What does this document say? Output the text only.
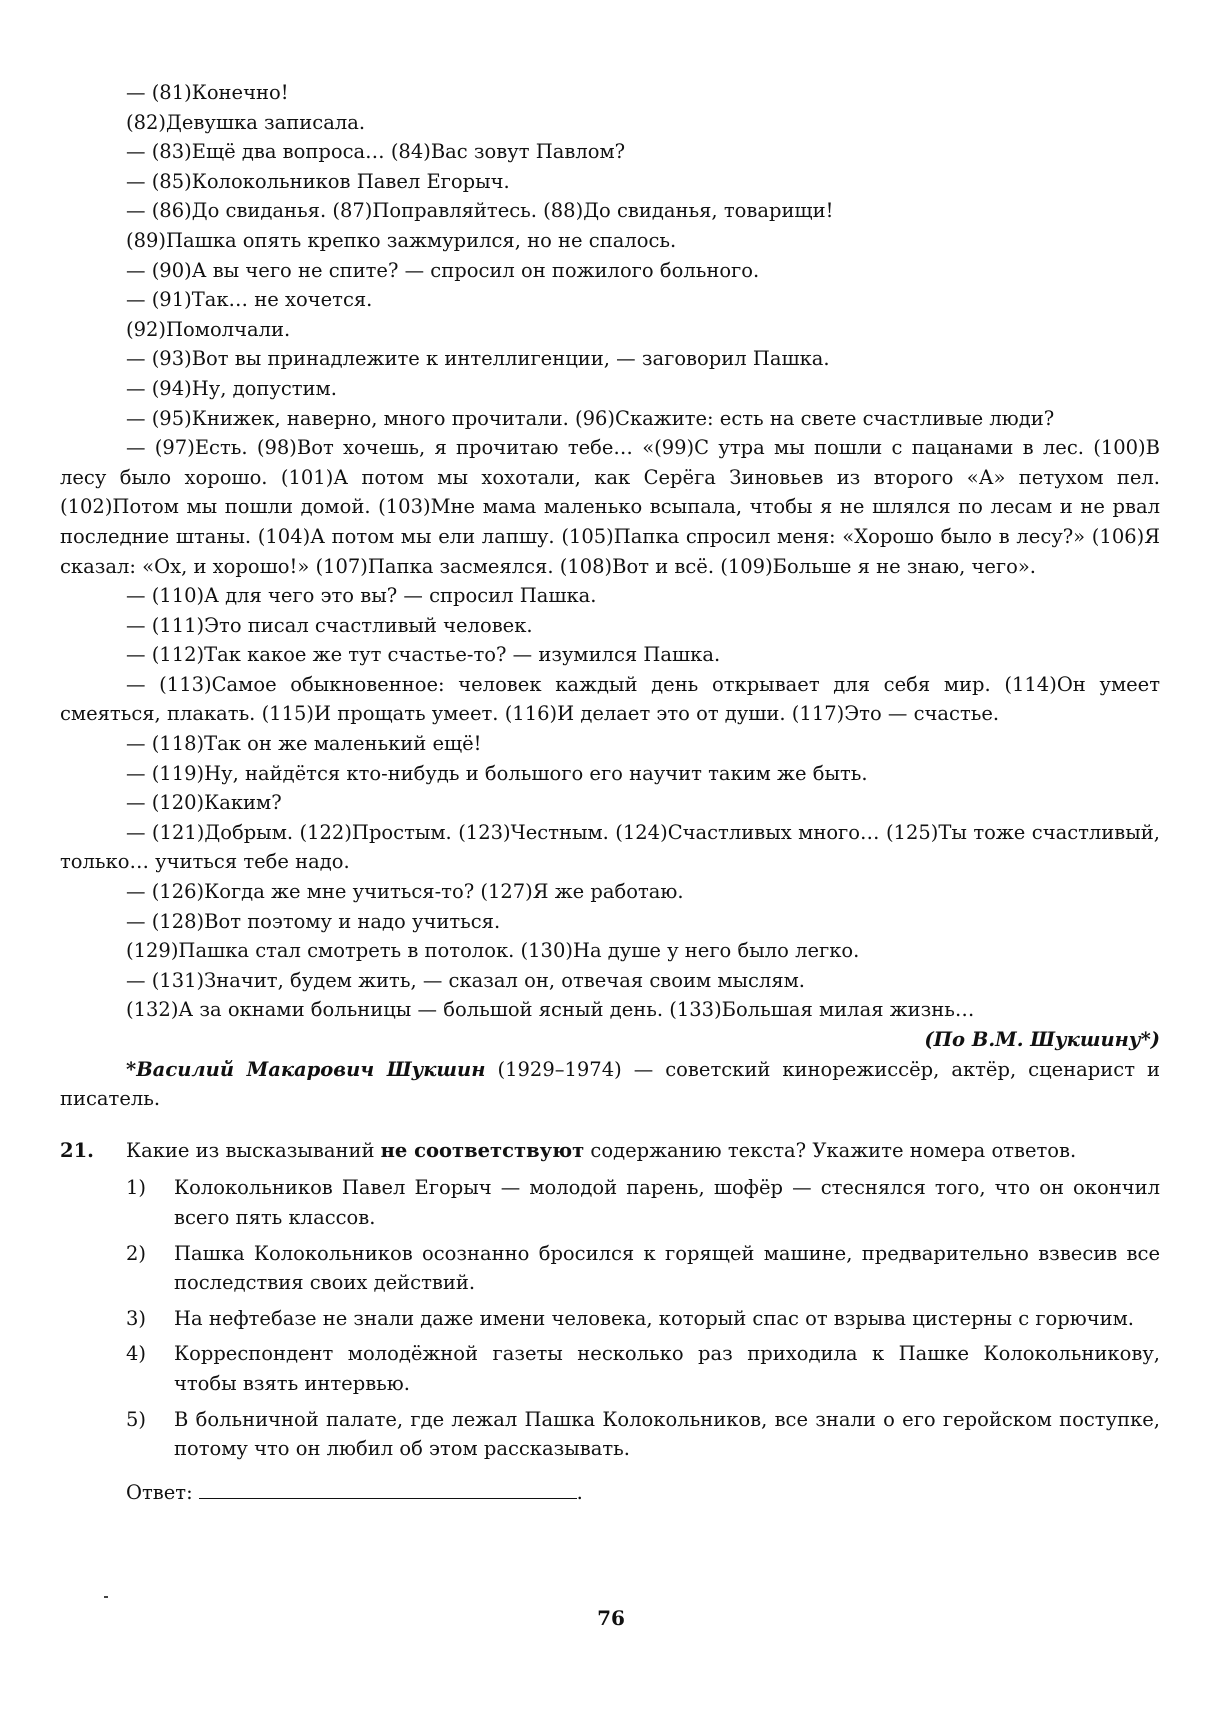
— (81)Конечно!

(82)Девушка записала.

— (83)Ещё два вопроса… (84)Вас зовут Павлом?

— (85)Колокольников Павел Егорыч.

— (86)До свиданья. (87)Поправляйтесь. (88)До свиданья, товарищи!

(89)Пашка опять крепко зажмурился, но не спалось.

— (90)А вы чего не спите? — спросил он пожилого больного.

— (91)Так… не хочется.

(92)Помолчали.

— (93)Вот вы принадлежите к интеллигенции, — заговорил Пашка.

— (94)Ну, допустим.

— (95)Книжек, наверно, много прочитали. (96)Скажите: есть на свете счастливые люди?

— (97)Есть. (98)Вот хочешь, я прочитаю тебе… «(99)С утра мы пошли с пацанами в лес. (100)В лесу было хорошо. (101)А потом мы хохотали, как Серёга Зиновьев из второго «А» петухом пел. (102)Потом мы пошли домой. (103)Мне мама маленько всыпала, чтобы я не шлялся по лесам и не рвал последние штаны. (104)А потом мы ели лапшу. (105)Папка спросил меня: «Хорошо было в лесу?» (106)Я сказал: «Ох, и хорошо!» (107)Папка засмеялся. (108)Вот и всё. (109)Больше я не знаю, чего».

— (110)А для чего это вы? — спросил Пашка.

— (111)Это писал счастливый человек.

— (112)Так какое же тут счастье-то? — изумился Пашка.

— (113)Самое обыкновенное: человек каждый день открывает для себя мир. (114)Он умеет смеяться, плакать. (115)И прощать умеет. (116)И делает это от души. (117)Это — счастье.

— (118)Так он же маленький ещё!

— (119)Ну, найдётся кто-нибудь и большого его научит таким же быть.

— (120)Каким?

— (121)Добрым. (122)Простым. (123)Честным. (124)Счастливых много… (125)Ты тоже счастливый, только… учиться тебе надо.

— (126)Когда же мне учиться-то? (127)Я же работаю.

— (128)Вот поэтому и надо учиться.

(129)Пашка стал смотреть в потолок. (130)На душе у него было легко.

— (131)Значит, будем жить, — сказал он, отвечая своим мыслям.

(132)А за окнами больницы — большой ясный день. (133)Большая милая жизнь…

(По В.М. Шукшину*)

*Василий Макарович Шукшин (1929–1974) — советский кинорежиссёр, актёр, сценарист и писатель.

21. Какие из высказываний не соответствуют содержанию текста? Укажите номера ответов.

1) Колокольников Павел Егорыч — молодой парень, шофёр — стеснялся того, что он окончил всего пять классов.

2) Пашка Колокольников осознанно бросился к горящей машине, предварительно взвесив все последствия своих действий.

3) На нефтебазе не знали даже имени человека, который спас от взрыва цистерны с горючим.

4) Корреспондент молодёжной газеты несколько раз приходила к Пашке Колокольникову, чтобы взять интервью.

5) В больничной палате, где лежал Пашка Колокольников, все знали о его геройском поступке, потому что он любил об этом рассказывать.

Ответ:	.
76
